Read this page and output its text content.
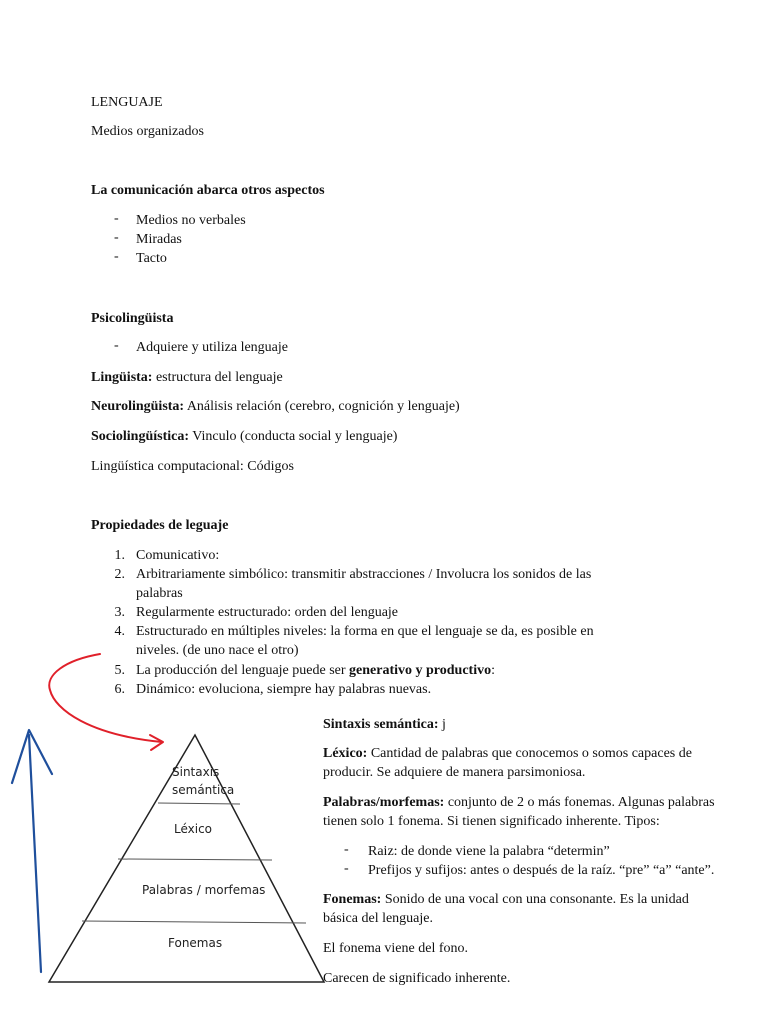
LENGUAJE
Medios organizados
La comunicación abarca otros aspectos
- Medios no verbales
- Miradas
- Tacto
Psicolingüista
- Adquiere y utiliza lenguaje
Lingüista: estructura del lenguaje
Neurolingüista: Análisis relación (cerebro, cognición y lenguaje)
Sociolingüística: Vinculo (conducta social y lenguaje)
Lingüística computacional: Códigos
Propiedades de leguaje
1. Comunicativo:
2. Arbitrariamente simbólico: transmitir abstracciones / Involucra los sonidos de las
palabras
3. Regularmente estructurado: orden del lenguaje
4. Estructurado en múltiples niveles: la forma en que el lenguaje se da, es posible en
niveles. (de uno nace el otro)
5. La producción del lenguaje puede ser generativo y productivo:
6. Dinámico: evoluciona, siempre hay palabras nuevas.
Sintaxis
semántica
Léxico
Palabras / morfemas
Fonemas
Sintaxis semántica: j
Léxico: Cantidad de palabras que conocemos o somos capaces de
producir. Se adquiere de manera parsimoniosa.
Palabras/morfemas: conjunto de 2 o más fonemas. Algunas palabras
tienen solo 1 fonema. Si tienen significado inherente. Tipos:
- Raiz: de donde viene la palabra “determin”
- Prefijos y sufijos: antes o después de la raíz. “pre” “a” “ante”.
Fonemas: Sonido de una vocal con una consonante. Es la unidad
básica del lenguaje.
El fonema viene del fono.
Carecen de significado inherente.
